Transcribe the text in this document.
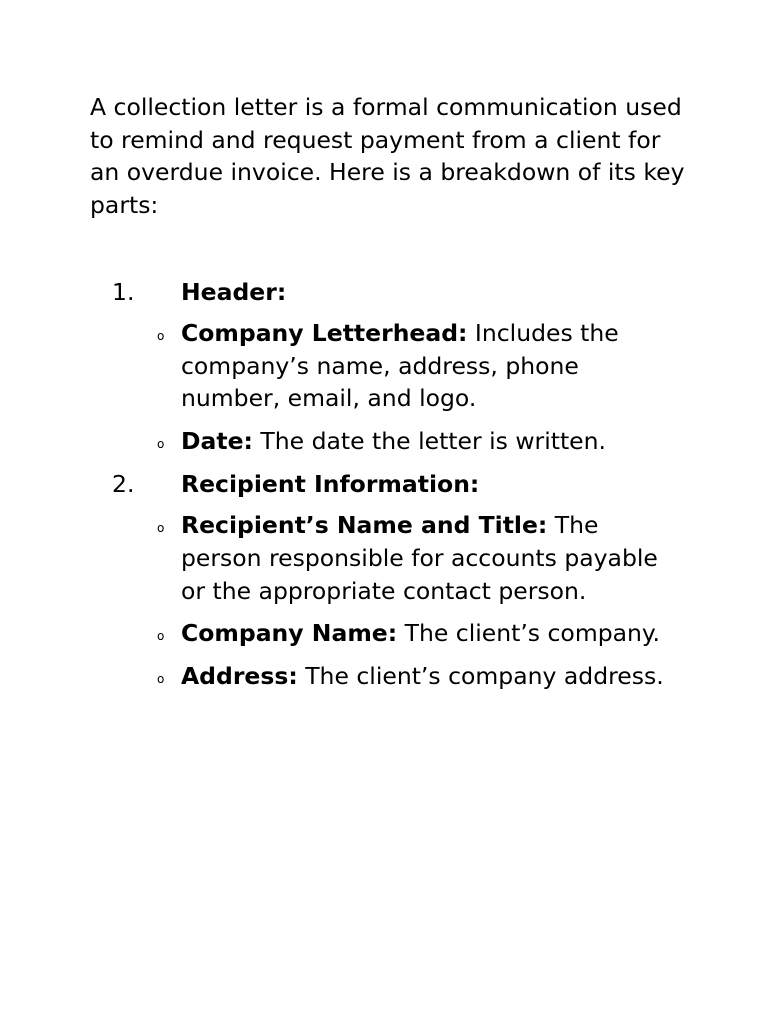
A collection letter is a formal communication used to remind and request payment from a client for an overdue invoice. Here is a breakdown of its key parts:

1. Header:
o Company Letterhead: Includes the company’s name, address, phone number, email, and logo.
o Date: The date the letter is written.
2. Recipient Information:
o Recipient’s Name and Title: The person responsible for accounts payable or the appropriate contact person.
o Company Name: The client’s company.
o Address: The client’s company address.
